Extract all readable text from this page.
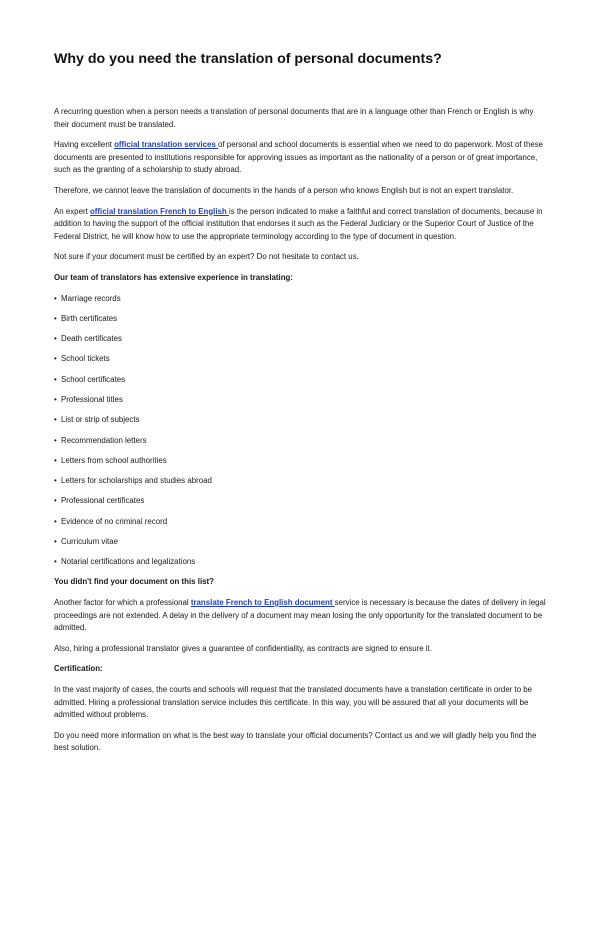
Why do you need the translation of personal documents?

A recurring question when a person needs a translation of personal documents that are in a language other than French or English is why their document must be translated.

Having excellent official translation services of personal and school documents is essential when we need to do paperwork. Most of these documents are presented to institutions responsible for approving issues as important as the nationality of a person or of great importance, such as the granting of a scholarship to study abroad.

Therefore, we cannot leave the translation of documents in the hands of a person who knows English but is not an expert translator.

An expert official translation French to English is the person indicated to make a faithful and correct translation of documents, because in addition to having the support of the official institution that endorses it such as the Federal Judiciary or the Superior Court of Justice of the Federal District, he will know how to use the appropriate terminology according to the type of document in question.

Not sure if your document must be certified by an expert? Do not hesitate to contact us.

Our team of translators has extensive experience in translating:

• Marriage records
• Birth certificates
• Death certificates
• School tickets
• School certificates
• Professional titles
• List or strip of subjects
• Recommendation letters
• Letters from school authorities
• Letters for scholarships and studies abroad
• Professional certificates
• Evidence of no criminal record
• Curriculum vitae
• Notarial certifications and legalizations

You didn't find your document on this list?

Another factor for which a professional translate French to English document service is necessary is because the dates of delivery in legal proceedings are not extended. A delay in the delivery of a document may mean losing the only opportunity for the translated document to be admitted.

Also, hiring a professional translator gives a guarantee of confidentiality, as contracts are signed to ensure it.

Certification:

In the vast majority of cases, the courts and schools will request that the translated documents have a translation certificate in order to be admitted. Hiring a professional translation service includes this certificate. In this way, you will be assured that all your documents will be admitted without problems.

Do you need more information on what is the best way to translate your official documents? Contact us and we will gladly help you find the best solution.
